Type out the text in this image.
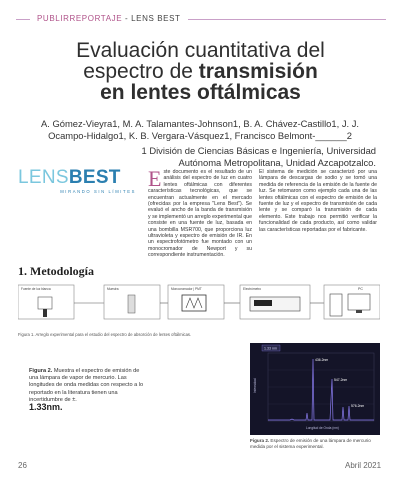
PUBLIRREPORTAJE - LENS BEST
Evaluación cuantitativa del
espectro de transmisión
en lentes oftálmicas
A. Gómez-Vieyra1, M. A. Talamantes-Johnson1, B. A. Chávez-Castillo1, J. J.
Ocampo-Hidalgo1, K. B. Vergara-Vásquez1, Francisco Belmont-______2
1 División de Ciencias Básicas e Ingeniería, Universidad
Autónoma Metropolitana, Unidad Azcapotzalco.
LENSBEST
MIRANDO SIN LÍMITES
Este documento es el resultado de un análisis del espectro de luz en cuatro lentes oftálmicas con diferentes características tecnológicas, que se encuentran actualmente en el mercado (ofrecidas por la empresa "Lens Best"). Se evaluó el ancho de la banda de transmisión y se implementó un arreglo experimental que consiste en una fuente de luz, basada en una bombilla MSR700, que proporciona luz ultravioleta y espectro de emisión de IR. En un espectrofotómetro fue montado con un monocromador de Newport y su correspondiente instrumentación.
El sistema de medición se caracterizó por una lámpara de descargas de sodio y se tomó una medida de referencia de la emisión de la fuente de luz. Se retomaron como ejemplo cada una de las lentes oftálmicas con el espectro de emisión de la fuente de luz y el espectro de transmisión de cada lente y se comparó la transmisión de cada elemento. Este trabajo nos permitió verificar la funcionalidad de cada producto, así como validar las características reportadas por el fabricante.
1. Metodología
Fuente de luz blanca	Muestra	Monocromador | PMT	Electrómetro	PC
Figura 1. Arreglo experimental para el estudio del espectro de absorción de lentes oftálmicas.
Figura 2. Muestra el espectro de emisión de una lámpara de vapor de mercurio. Las longitudes de onda medidas con respecto a lo reportado en la literatura tienen una incertidumbre de ±.
1.33nm.
1.33 nm
436.2nm
547.2nm
576.2nm
Longitud de Onda (nm)
Intensidad
Figura 2. Espectro de emisión de una lámpara de mercurio medida por el sistema experimental.
26	Abril 2021
